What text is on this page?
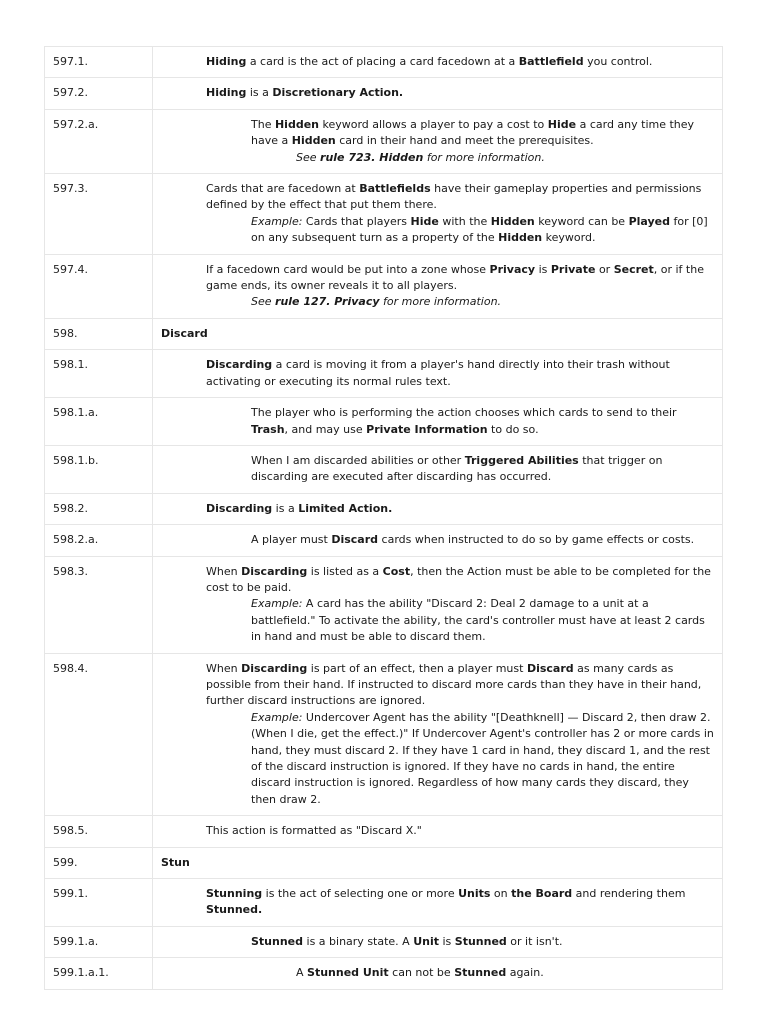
597.1.	Hiding a card is the act of placing a card facedown at a Battlefield you control.

597.2.	Hiding is a Discretionary Action.

597.2.a.	The Hidden keyword allows a player to pay a cost to Hide a card any time they have a Hidden card in their hand and meet the prerequisites.
See rule 723. Hidden for more information.

597.3.	Cards that are facedown at Battlefields have their gameplay properties and permissions defined by the effect that put them there.
Example: Cards that players Hide with the Hidden keyword can be Played for [0] on any subsequent turn as a property of the Hidden keyword.

597.4.	If a facedown card would be put into a zone whose Privacy is Private or Secret, or if the game ends, its owner reveals it to all players.
See rule 127. Privacy for more information.

598.	Discard

598.1.	Discarding a card is moving it from a player's hand directly into their trash without activating or executing its normal rules text.

598.1.a.	The player who is performing the action chooses which cards to send to their Trash, and may use Private Information to do so.

598.1.b.	When I am discarded abilities or other Triggered Abilities that trigger on discarding are executed after discarding has occurred.

598.2.	Discarding is a Limited Action.

598.2.a.	A player must Discard cards when instructed to do so by game effects or costs.

598.3.	When Discarding is listed as a Cost, then the Action must be able to be completed for the cost to be paid.
Example: A card has the ability "Discard 2: Deal 2 damage to a unit at a battlefield." To activate the ability, the card's controller must have at least 2 cards in hand and must be able to discard them.

598.4.	When Discarding is part of an effect, then a player must Discard as many cards as possible from their hand. If instructed to discard more cards than they have in their hand, further discard instructions are ignored.
Example: Undercover Agent has the ability "[Deathknell] — Discard 2, then draw 2. (When I die, get the effect.)" If Undercover Agent's controller has 2 or more cards in hand, they must discard 2. If they have 1 card in hand, they discard 1, and the rest of the discard instruction is ignored. If they have no cards in hand, the entire discard instruction is ignored. Regardless of how many cards they discard, they then draw 2.

598.5.	This action is formatted as "Discard X."

599.	Stun

599.1.	Stunning is the act of selecting one or more Units on the Board and rendering them Stunned.

599.1.a.	Stunned is a binary state. A Unit is Stunned or it isn't.

599.1.a.1.	A Stunned Unit can not be Stunned again.
